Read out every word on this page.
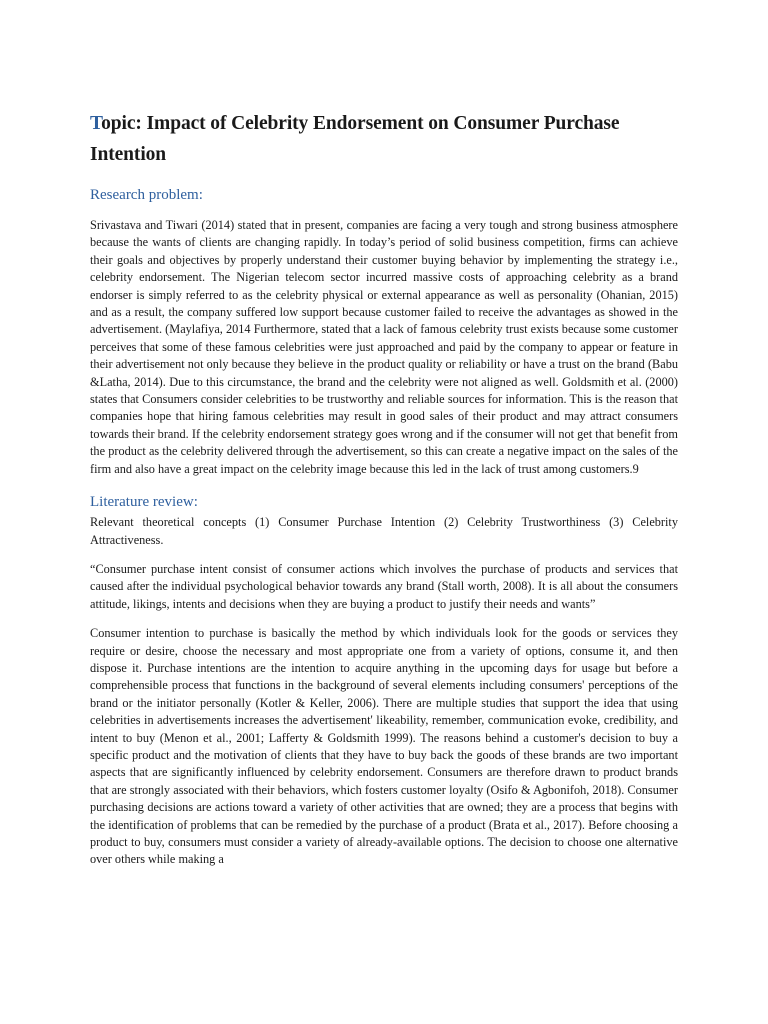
Topic: Impact of Celebrity Endorsement on Consumer Purchase Intention
Research problem:

Srivastava and Tiwari (2014) stated that in present, companies are facing a very tough and strong business atmosphere because the wants of clients are changing rapidly. In today’s period of solid business competition, firms can achieve their goals and objectives by properly understand their customer buying behavior by implementing the strategy i.e., celebrity endorsement. The Nigerian telecom sector incurred massive costs of approaching celebrity as a brand endorser is simply referred to as the celebrity physical or external appearance as well as personality (Ohanian, 2015) and as a result, the company suffered low support because customer failed to receive the advantages as showed in the advertisement. (Maylafiya, 2014 Furthermore, stated that a lack of famous celebrity trust exists because some customer perceives that some of these famous celebrities were just approached and paid by the company to appear or feature in their advertisement not only because they believe in the product quality or reliability or have a trust on the brand (Babu &Latha, 2014). Due to this circumstance, the brand and the celebrity were not aligned as well. Goldsmith et al. (2000) states that Consumers consider celebrities to be trustworthy and reliable sources for information. This is the reason that companies hope that hiring famous celebrities may result in good sales of their product and may attract consumers towards their brand. If the celebrity endorsement strategy goes wrong and if the consumer will not get that benefit from the product as the celebrity delivered through the advertisement, so this can create a negative impact on the sales of the firm and also have a great impact on the celebrity image because this led in the lack of trust among customers.9

Literature review:

Relevant theoretical concepts (1) Consumer Purchase Intention (2) Celebrity Trustworthiness (3) Celebrity Attractiveness.

“Consumer purchase intent consist of consumer actions which involves the purchase of products and services that caused after the individual psychological behavior towards any brand (Stall worth, 2008). It is all about the consumers attitude, likings, intents and decisions when they are buying a product to justify their needs and wants”

Consumer intention to purchase is basically the method by which individuals look for the goods or services they require or desire, choose the necessary and most appropriate one from a variety of options, consume it, and then dispose it. Purchase intentions are the intention to acquire anything in the upcoming days for usage but before a comprehensible process that functions in the background of several elements including consumers' perceptions of the brand or the initiator personally (Kotler & Keller, 2006). There are multiple studies that support the idea that using celebrities in advertisements increases the advertisement' likeability, remember, communication evoke, credibility, and intent to buy (Menon et al., 2001; Lafferty & Goldsmith 1999). The reasons behind a customer's decision to buy a specific product and the motivation of clients that they have to buy back the goods of these brands are two important aspects that are significantly influenced by celebrity endorsement. Consumers are therefore drawn to product brands that are strongly associated with their behaviors, which fosters customer loyalty (Osifo & Agbonifoh, 2018). Consumer purchasing decisions are actions toward a variety of other activities that are owned; they are a process that begins with the identification of problems that can be remedied by the purchase of a product (Brata et al., 2017). Before choosing a product to buy, consumers must consider a variety of already-available options. The decision to choose one alternative over others while making a
